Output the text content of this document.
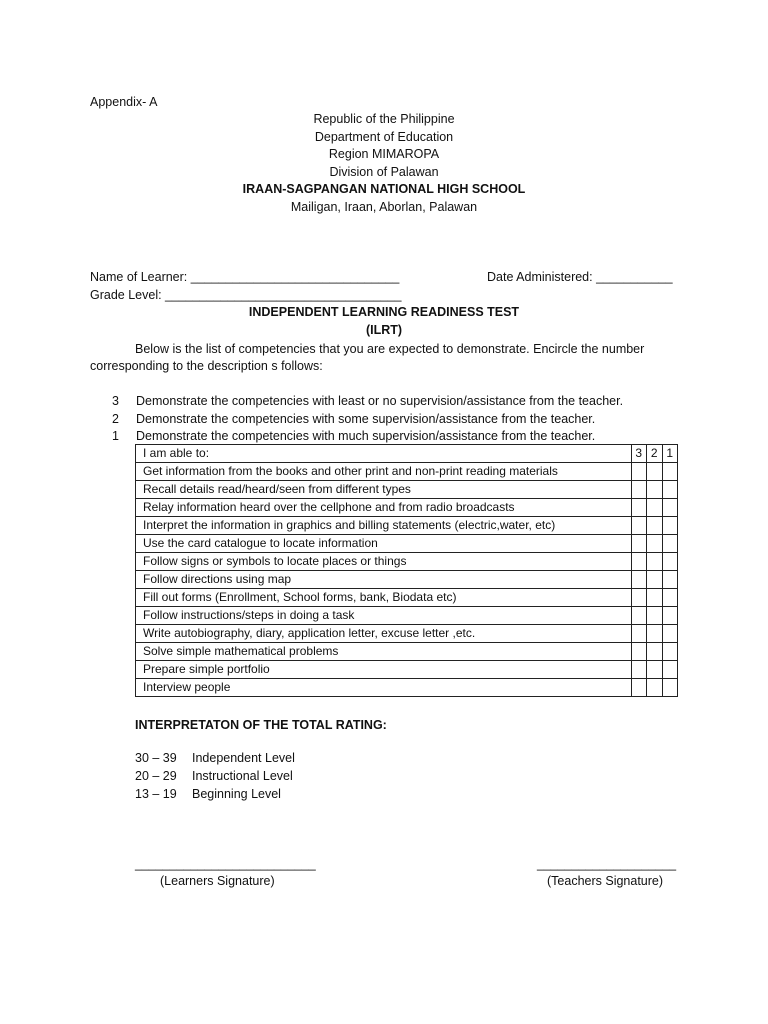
Appendix- A
Republic of the Philippine
Department of Education
Region MIMAROPA
Division of Palawan
IRAAN-SAGPANGAN NATIONAL HIGH SCHOOL
Mailigan, Iraan, Aborlan, Palawan
Name of Learner: ______________________________	Date Administered: ___________
Grade Level: __________________________________
INDEPENDENT LEARNING READINESS TEST
(ILRT)
Below is the list of competencies that you are expected to demonstrate. Encircle the number
corresponding to the description s follows:
3 Demonstrate the competencies with least or no supervision/assistance from the teacher.
2 Demonstrate the competencies with some supervision/assistance from the teacher.
1 Demonstrate the competencies with much supervision/assistance from the teacher.
I am able to:	3	2	1
Get information from the books and other print and non-print reading materials			
Recall details read/heard/seen from different types			
Relay information heard over the cellphone and from radio broadcasts			
Interpret the information in graphics and billing statements (electric,water, etc)			
Use the card catalogue to locate information			
Follow signs or symbols to locate places or things			
Follow directions using map			
Fill out forms (Enrollment, School forms, bank, Biodata etc)			
Follow instructions/steps in doing a task			
Write autobiography, diary, application letter, excuse letter ,etc.			
Solve simple mathematical problems			
Prepare simple portfolio			
Interview people			
INTERPRETATON OF THE TOTAL RATING:
30 – 39 Independent Level
20 – 29 Instructional Level
13 – 19 Beginning Level
__________________________
(Learners Signature)
____________________
(Teachers Signature)
